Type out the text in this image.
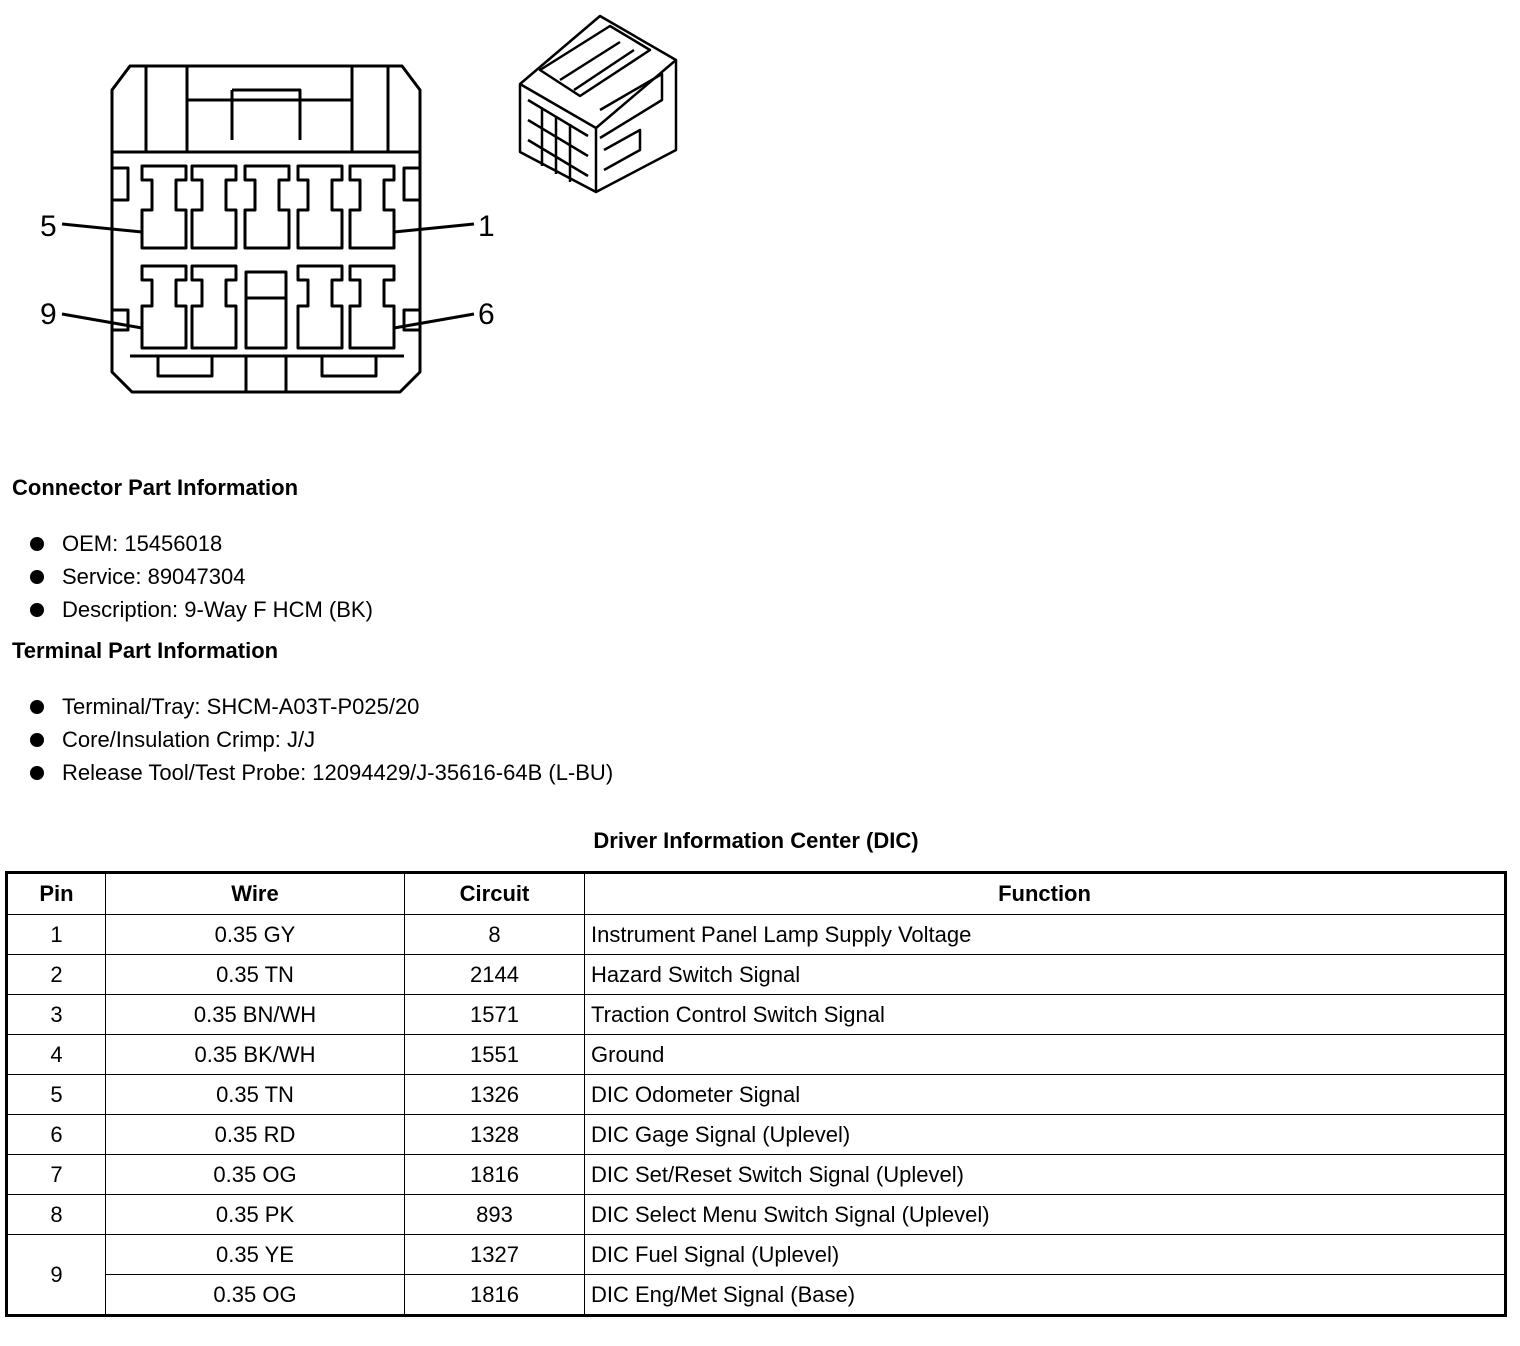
5	1
9	6
Connector Part Information
OEM: 15456018
Service: 89047304
Description: 9-Way F HCM (BK)
Terminal Part Information
Terminal/Tray: SHCM-A03T-P025/20
Core/Insulation Crimp: J/J
Release Tool/Test Probe: 12094429/J-35616-64B (L-BU)
Driver Information Center (DIC)
Pin	Wire	Circuit	Function
1	0.35 GY	8	Instrument Panel Lamp Supply Voltage
2	0.35 TN	2144	Hazard Switch Signal
3	0.35 BN/WH	1571	Traction Control Switch Signal
4	0.35 BK/WH	1551	Ground
5	0.35 TN	1326	DIC Odometer Signal
6	0.35 RD	1328	DIC Gage Signal (Uplevel)
7	0.35 OG	1816	DIC Set/Reset Switch Signal (Uplevel)
8	0.35 PK	893	DIC Select Menu Switch Signal (Uplevel)
9	0.35 YE	1327	DIC Fuel Signal (Uplevel)
	0.35 OG	1816	DIC Eng/Met Signal (Base)
